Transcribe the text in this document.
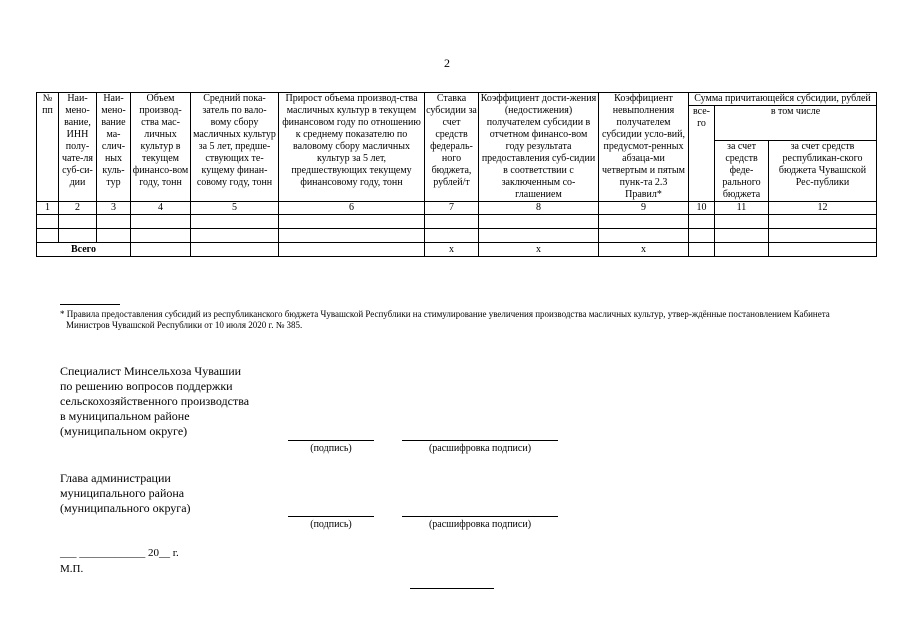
2
№ пп	Наи-мено-вание, ИНН полу-чате-ля суб-си-дии	Наи-мено-вание ма-слич-ных куль-тур	Объем производ-ства мас-личных культур в текущем финансо-вом году, тонн	Средний пока-затель по вало-вому сбору масличных культур за 5 лет, предше-ствующих те-кущему финан-совому году, тонн	Прирост объема производ-ства масличных культур в текущем финансовом году по отношению к среднему показателю по валовому сбору масличных культур за 5 лет, предшествующих текущему финансовому году, тонн	Ставка субсидии за счет средств федераль-ного бюджета, рублей/т	Коэффициент дости-жения (недостижения) получателем субсидии в отчетном финансо-вом году результата предоставления суб-сидии в соответствии с заключенным со-глашением	Коэффициент невыполнения получателем субсидии усло-вий, предусмот-ренных абзаца-ми четвертым и пятым пунк-та 2.3 Правил*	Сумма причитающейся субсидии, рублей		
									все-го	в том числе	
										за счет средств феде-рального бюджета	за счет средств республикан-ского бюджета Чувашской Рес-публики
1	2	3	4	5	6	7	8	9	10	11	12

Всего						х	х	х			
* Правила предоставления субсидий из республиканского бюджета Чувашской Республики на стимулирование увеличения производства масличных культур, утвер-ждённые постановлением Кабинета Министров Чувашской Республики от 10 июля 2020 г. № 385.
Специалист Минсельхоза Чувашии
по решению вопросов поддержки
сельскохозяйственного производства
в муниципальном районе
(муниципальном округе)
(подпись)	(расшифровка подписи)
Глава администрации
муниципального района
(муниципального округа)
(подпись)	(расшифровка подписи)
___ ____________ 20__ г.
М.П.
